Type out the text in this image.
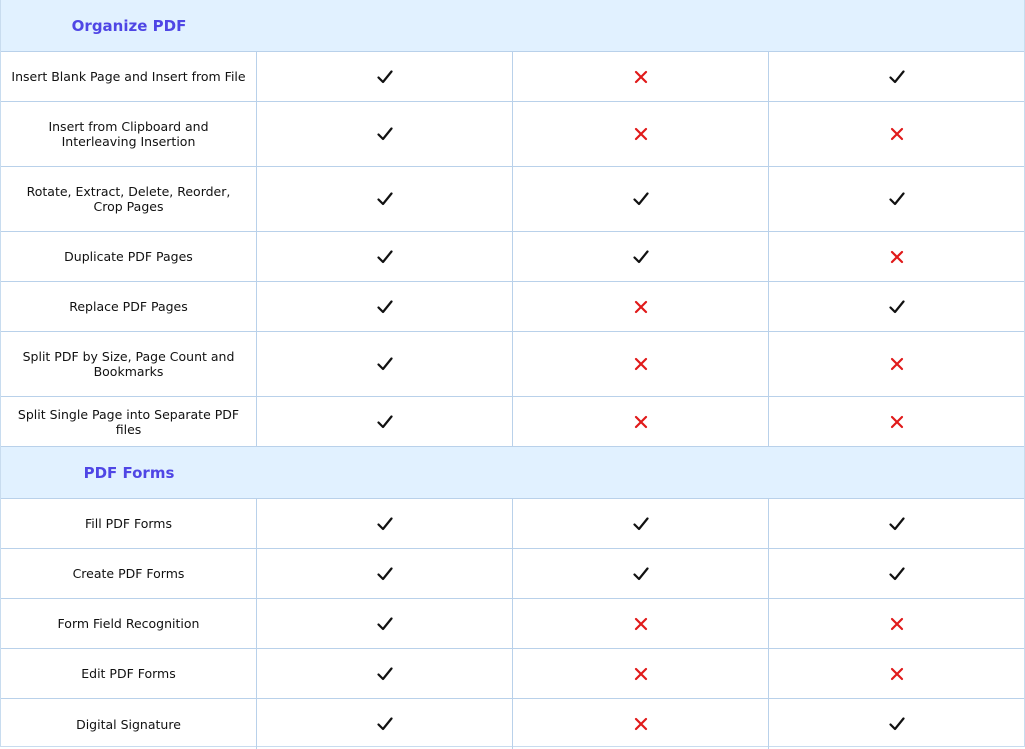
Organize PDF
Insert Blank Page and Insert from File
Insert from Clipboard and Interleaving Insertion
Rotate, Extract, Delete, Reorder, Crop Pages
Duplicate PDF Pages
Replace PDF Pages
Split PDF by Size, Page Count and Bookmarks
Split Single Page into Separate PDF files
PDF Forms
Fill PDF Forms
Create PDF Forms
Form Field Recognition
Edit PDF Forms
Digital Signature
